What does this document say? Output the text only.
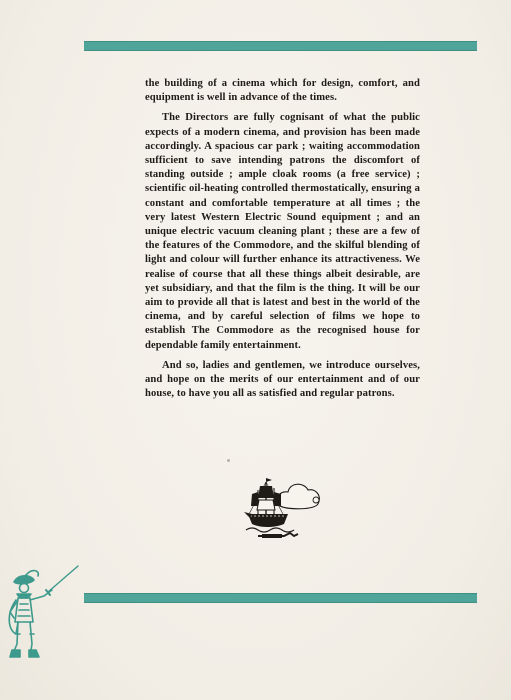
the building of a cinema which for design, comfort, and equipment is well in advance of the times.

The Directors are fully cognisant of what the public expects of a modern cinema, and provision has been made accordingly. A spacious car park ; waiting accommodation sufficient to save intending patrons the discomfort of standing outside ; ample cloak rooms (a free service) ; scientific oil-heating controlled thermostatically, ensuring a constant and comfortable temperature at all times ; the very latest Western Electric Sound equipment ; and an unique electric vacuum cleaning plant ; these are a few of the features of the Commodore, and the skilful blending of light and colour will further enhance its attractiveness. We realise of course that all these things albeit desirable, are yet subsidiary, and that the film is the thing. It will be our aim to provide all that is latest and best in the world of the cinema, and by careful selection of films we hope to establish The Commodore as the recognised house for dependable family entertainment.

And so, ladies and gentlemen, we introduce ourselves, and hope on the merits of our entertainment and of our house, to have you all as satisfied and regular patrons.
